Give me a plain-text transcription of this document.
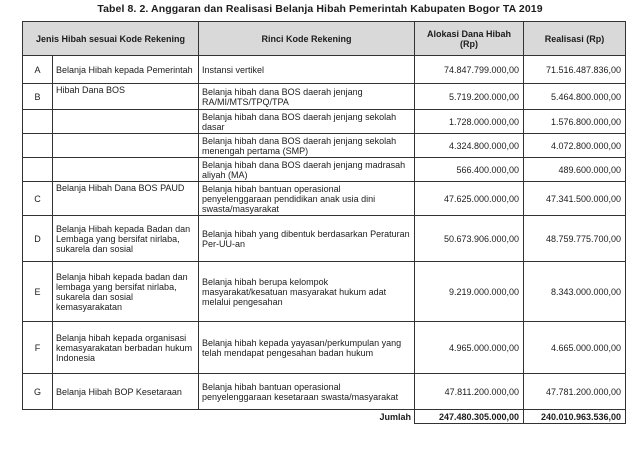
Tabel 8. 2. Anggaran dan Realisasi Belanja Hibah Pemerintah Kabupaten Bogor TA 2019
Jenis Hibah sesuai Kode Rekening		Rinci Kode Rekening	Alokasi Dana Hibah (Rp)	Realisasi (Rp)
A	Belanja Hibah kepada Pemerintah	Instansi vertikel	74.847.799.000,00	71.516.487.836,00
B	Hibah Dana BOS	Belanja hibah dana BOS daerah jenjang RA/MI/MTS/TPQ/TPA	5.719.200.000,00	5.464.800.000,00
		Belanja hibah dana BOS daerah jenjang sekolah dasar	1.728.000.000,00	1.576.800.000,00
		Belanja hibah dana BOS daerah jenjang sekolah menengah pertama (SMP)	4.324.800.000,00	4.072.800.000,00
		Belanja hibah dana BOS daerah jenjang madrasah aliyah (MA)	566.400.000,00	489.600.000,00
C	Belanja Hibah Dana BOS PAUD	Belanja hibah bantuan operasional penyelenggaraan pendidikan anak usia dini swasta/masyarakat	47.625.000.000,00	47.341.500.000,00
D	Belanja Hibah kepada Badan dan Lembaga yang bersifat nirlaba, sukarela dan sosial	Belanja hibah yang dibentuk berdasarkan Peraturan Per-UU-an	50.673.906.000,00	48.759.775.700,00
E	Belanja hibah kepada badan dan lembaga yang bersifat nirlaba, sukarela dan sosial kemasyarakatan	Belanja hibah berupa kelompok masyarakat/kesatuan masyarakat hukum adat melalui pengesahan	9.219.000.000,00	8.343.000.000,00
F	Belanja hibah kepada organisasi kemasyarakatan berbadan hukum Indonesia	Belanja hibah kepada yayasan/perkumpulan yang telah mendapat pengesahan badan hukum	4.965.000.000,00	4.665.000.000,00
G	Belanja Hibah BOP Kesetaraan	Belanja hibah bantuan operasional penyelenggaraan kesetaraan swasta/masyarakat	47.811.200.000,00	47.781.200.000,00
Jumlah			247.480.305.000,00	240.010.963.536,00
